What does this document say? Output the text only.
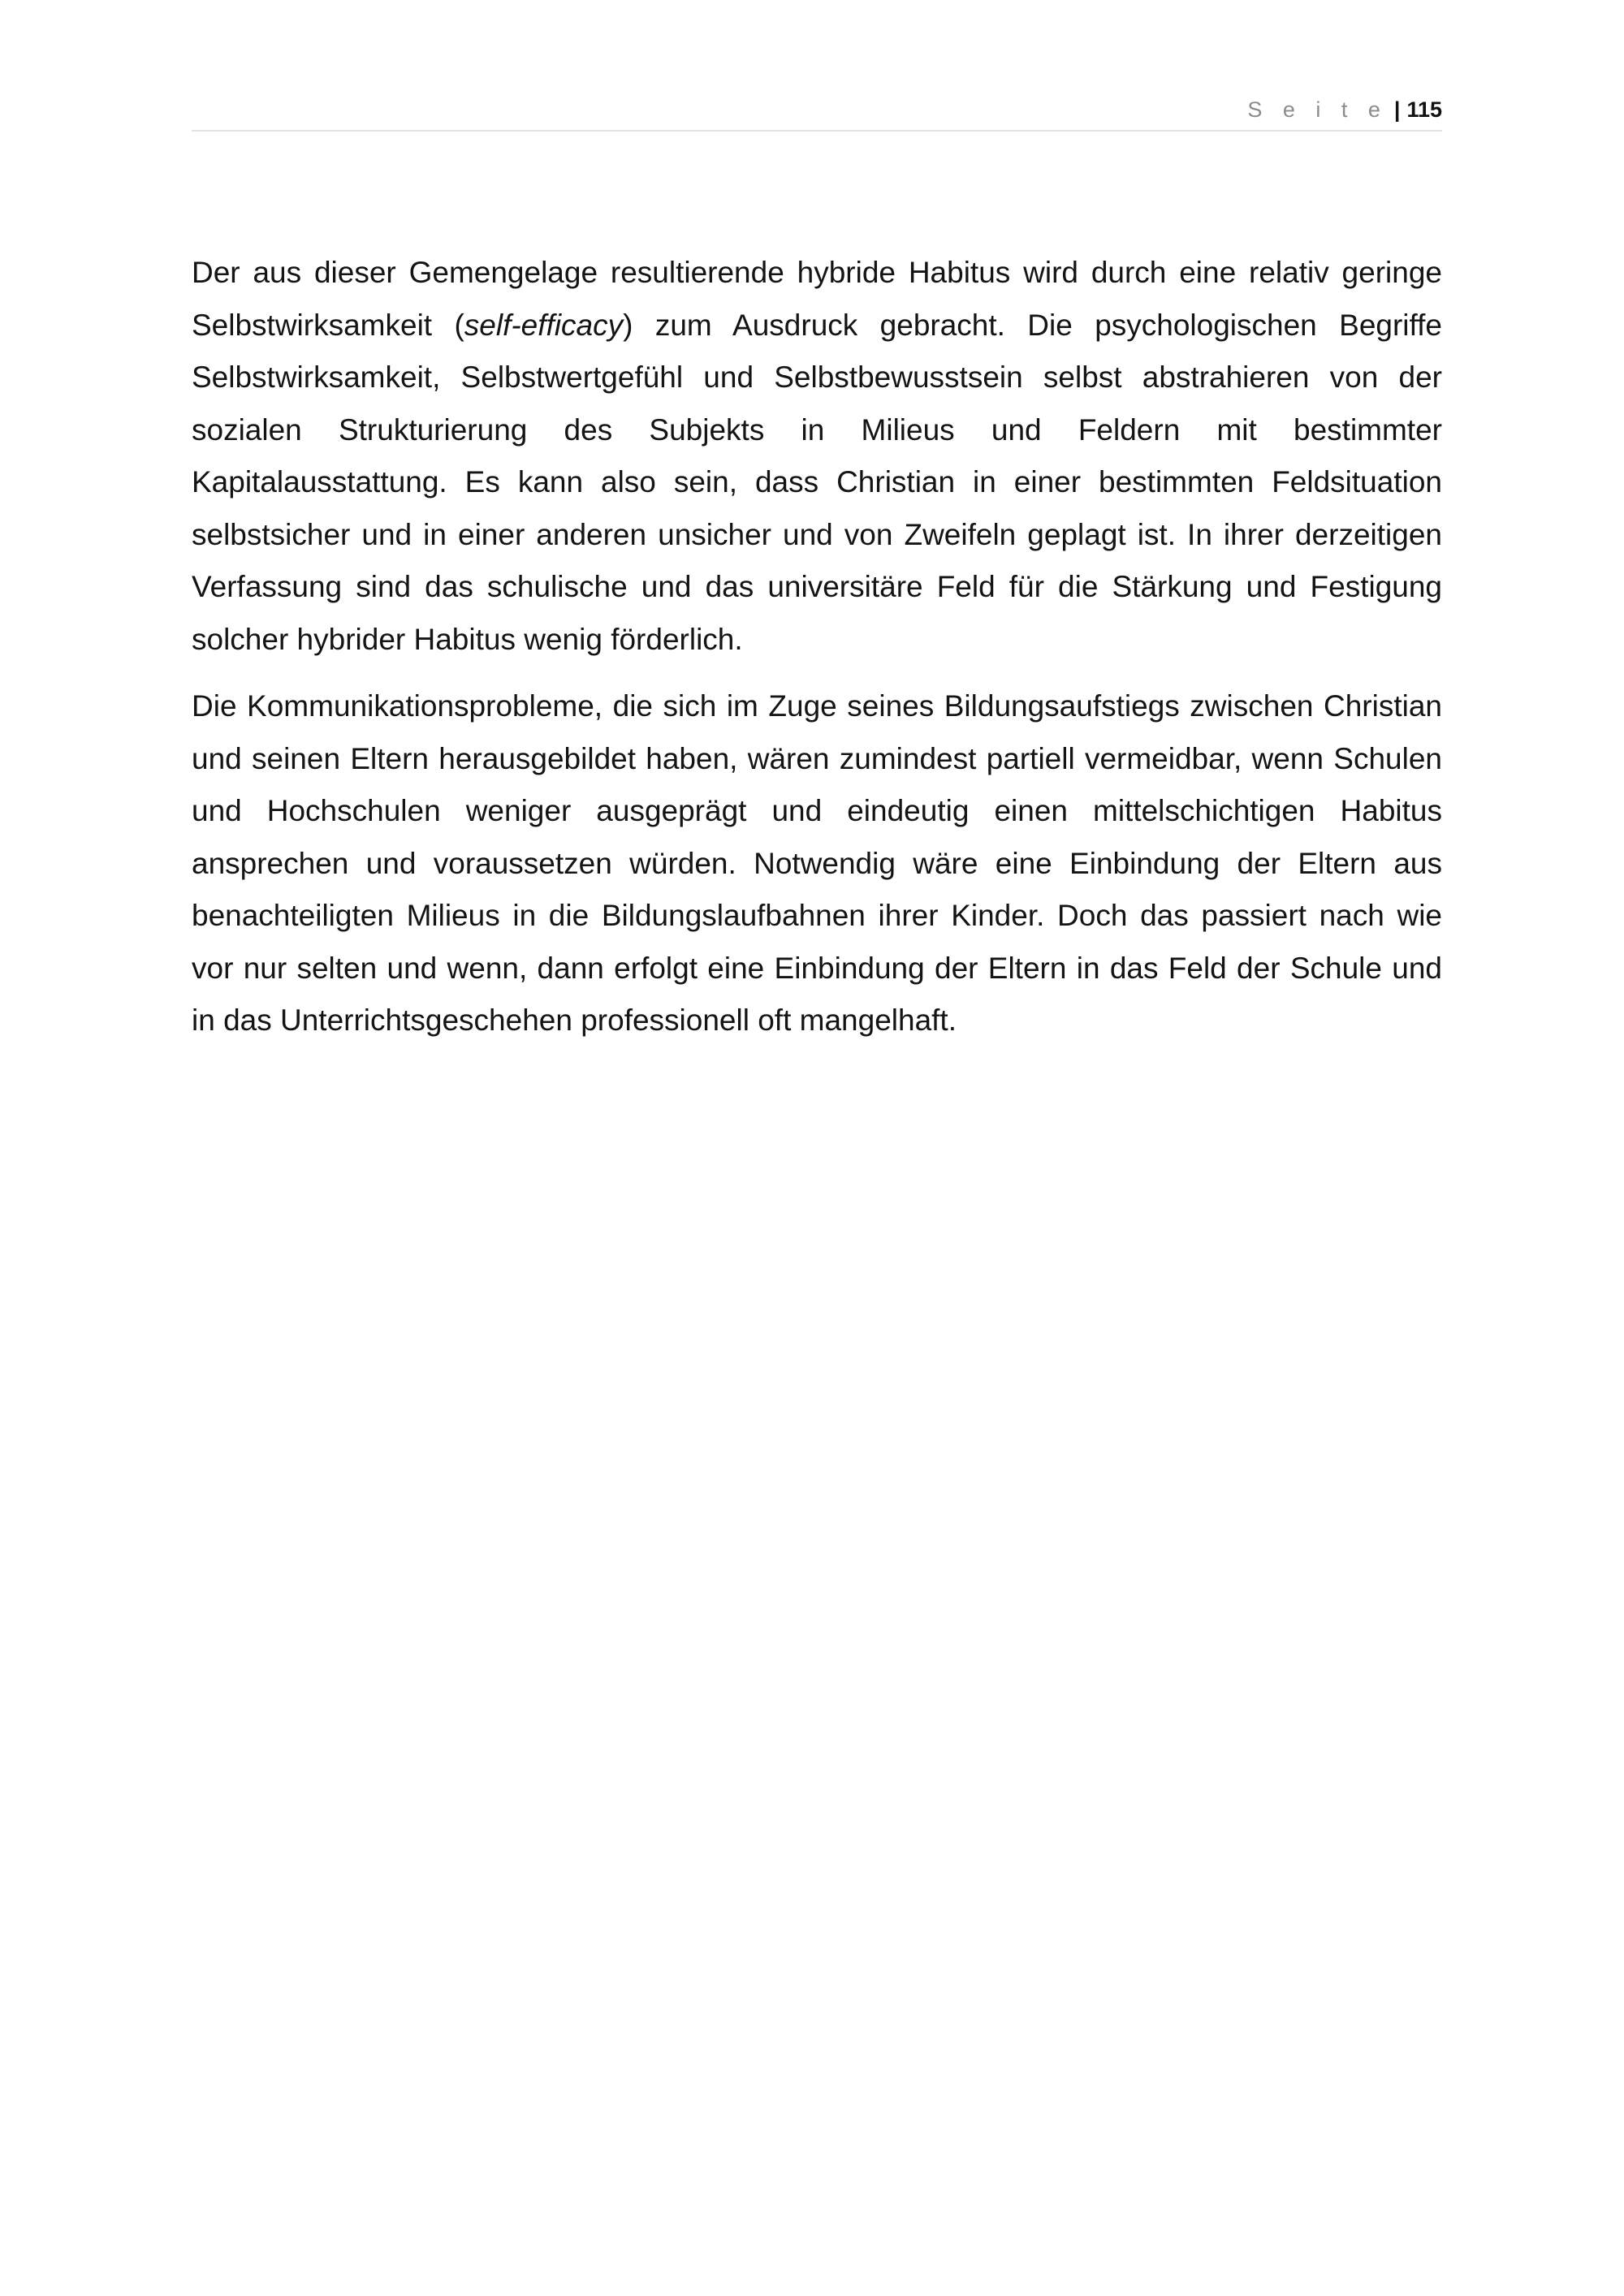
S e i t e | 115

Der aus dieser Gemengelage resultierende hybride Habitus wird durch eine relativ geringe Selbstwirksamkeit (self-efficacy) zum Ausdruck gebracht. Die psychologischen Begriffe Selbstwirksamkeit, Selbstwertgefühl und Selbstbewusstsein selbst abstrahieren von der sozialen Strukturierung des Subjekts in Milieus und Feldern mit bestimmter Kapitalausstattung. Es kann also sein, dass Christian in einer bestimmten Feldsituation selbstsicher und in einer anderen unsicher und von Zweifeln geplagt ist. In ihrer derzeitigen Verfassung sind das schulische und das universitäre Feld für die Stärkung und Festigung solcher hybrider Habitus wenig förderlich.

Die Kommunikationsprobleme, die sich im Zuge seines Bildungsaufstiegs zwischen Christian und seinen Eltern herausgebildet haben, wären zumindest partiell vermeidbar, wenn Schulen und Hochschulen weniger ausgeprägt und eindeutig einen mittelschichtigen Habitus ansprechen und voraussetzen würden. Notwendig wäre eine Einbindung der Eltern aus benachteiligten Milieus in die Bildungslaufbahnen ihrer Kinder. Doch das passiert nach wie vor nur selten und wenn, dann erfolgt eine Einbindung der Eltern in das Feld der Schule und in das Unterrichtsgeschehen professionell oft mangelhaft.
